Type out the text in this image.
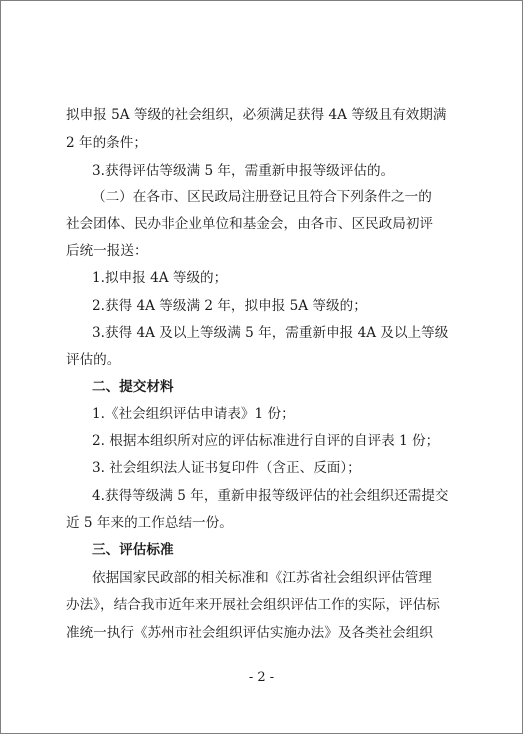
拟申报 5A 等级的社会组织，必须满足获得 4A 等级且有效期满
2 年的条件；
3.获得评估等级满 5 年，需重新申报等级评估的。
（二）在各市、区民政局注册登记且符合下列条件之一的
社会团体、民办非企业单位和基金会，由各市、区民政局初评
后统一报送：
1.拟申报 4A 等级的；
2.获得 4A 等级满 2 年，拟申报 5A 等级的；
3.获得 4A 及以上等级满 5 年，需重新申报 4A 及以上等级
评估的。
二、提交材料
1.《社会组织评估申请表》1 份；
2. 根据本组织所对应的评估标准进行自评的自评表 1 份；
3. 社会组织法人证书复印件（含正、反面）；
4.获得等级满 5 年，重新申报等级评估的社会组织还需提交
近 5 年来的工作总结一份。
三、评估标准
依据国家民政部的相关标准和《江苏省社会组织评估管理
办法》，结合我市近年来开展社会组织评估工作的实际，评估标
准统一执行《苏州市社会组织评估实施办法》及各类社会组织
- 2 -
